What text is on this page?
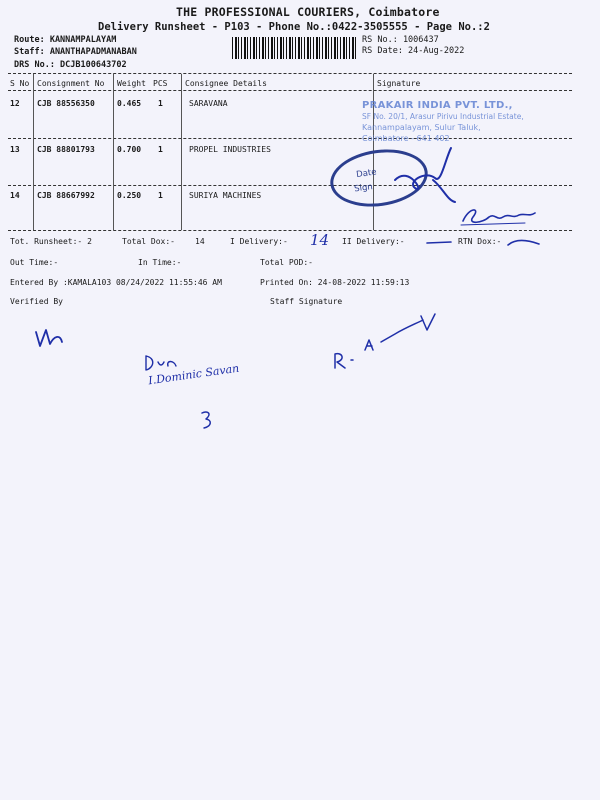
THE PROFESSIONAL COURIERS, Coimbatore
Delivery Runsheet - P103 - Phone No.:0422-3505555 - Page No.:2
Route: KANNAMPALAYAM
Staff: ANANTHAPADMANABAN
DRS No.: DCJB100643702
RS No.: 1006437
RS Date: 24-Aug-2022
S No Consignment No Weight PCS Consignee Details	Signature
12 CJB 88556350	0.465 1	SARAVANA
13 CJB 88801793	0.700 1	PROPEL INDUSTRIES
14 CJB 88667992	0.250 1	SURIYA MACHINES
PRAKAIR INDIA PVT. LTD.,
SF No. 20/1, Arasur Pirivu Industrial Estate,
Kannampalayam, Sulur Taluk,
Coimbatore - 641 402
Date
Sign
Tot. Runsheet:- 2	Total Dox:-	14	I Delivery:- 14 II Delivery:-	RTN Dox:-
Out Time:-	In Time:-	Total POD:-
Entered By :KAMALA103 08/24/2022 11:55:46 AM	Printed On: 24-08-2022 11:59:13
Verified By	Staff Signature
I.Dominic Savan
